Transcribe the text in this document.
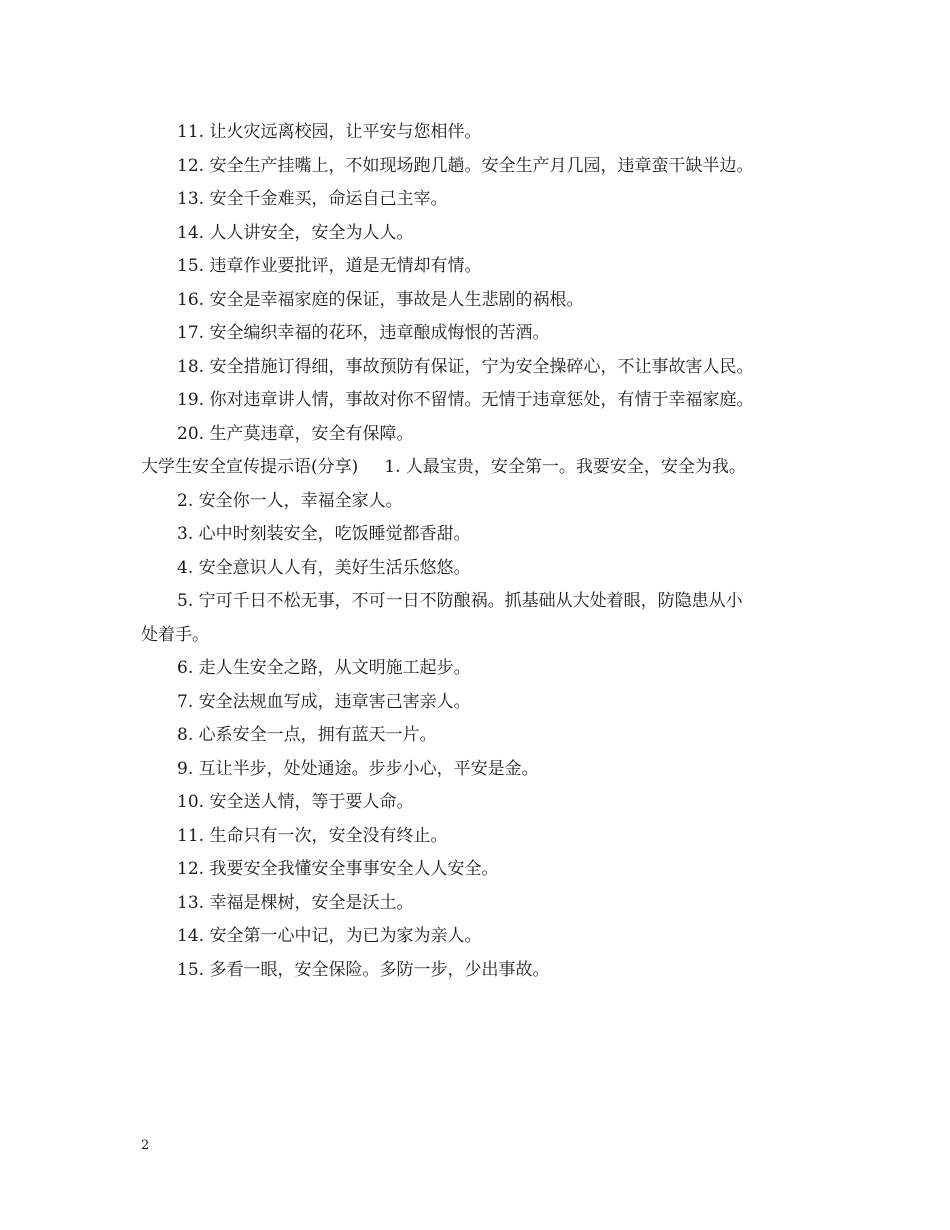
11. 让火灾远离校园，让平安与您相伴。
12. 安全生产挂嘴上，不如现场跑几趟。安全生产月几园，违章蛮干缺半边。
13. 安全千金难买，命运自己主宰。
14. 人人讲安全，安全为人人。
15. 违章作业要批评，道是无情却有情。
16. 安全是幸福家庭的保证，事故是人生悲剧的祸根。
17. 安全编织幸福的花环，违章酿成悔恨的苦酒。
18. 安全措施订得细，事故预防有保证，宁为安全操碎心，不让事故害人民。
19. 你对违章讲人情，事故对你不留情。无情于违章惩处，有情于幸福家庭。
20. 生产莫违章，安全有保障。
大学生安全宣传提示语(分享) 1. 人最宝贵，安全第一。我要安全，安全为我。
2. 安全你一人，幸福全家人。
3. 心中时刻装安全，吃饭睡觉都香甜。
4. 安全意识人人有，美好生活乐悠悠。
5. 宁可千日不松无事，不可一日不防酿祸。抓基础从大处着眼，防隐患从小
处着手。
6. 走人生安全之路，从文明施工起步。
7. 安全法规血写成，违章害己害亲人。
8. 心系安全一点，拥有蓝天一片。
9. 互让半步，处处通途。步步小心，平安是金。
10. 安全送人情，等于要人命。
11. 生命只有一次，安全没有终止。
12. 我要安全我懂安全事事安全人人安全。
13. 幸福是棵树，安全是沃土。
14. 安全第一心中记，为已为家为亲人。
15. 多看一眼，安全保险。多防一步，少出事故。
2
